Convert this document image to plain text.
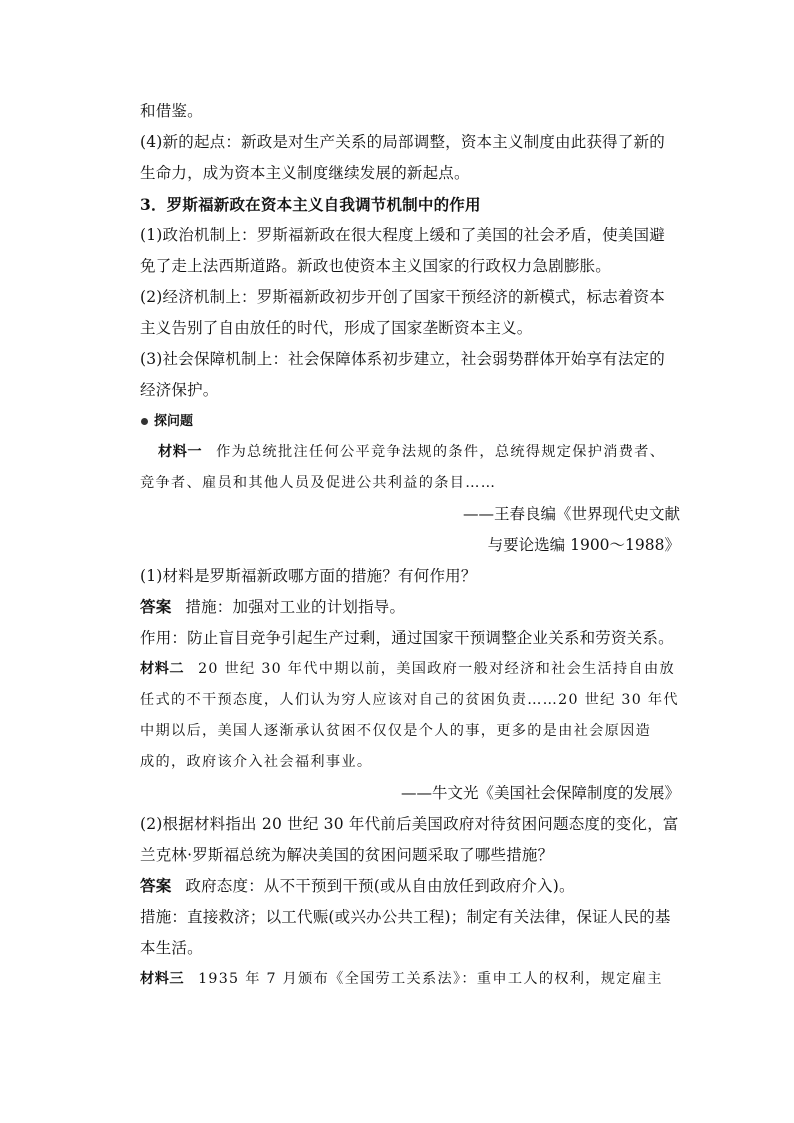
和借鉴。
(4)新的起点：新政是对生产关系的局部调整，资本主义制度由此获得了新的
生命力，成为资本主义制度继续发展的新起点。
3．罗斯福新政在资本主义自我调节机制中的作用
(1)政治机制上：罗斯福新政在很大程度上缓和了美国的社会矛盾，使美国避
免了走上法西斯道路。新政也使资本主义国家的行政权力急剧膨胀。
(2)经济机制上：罗斯福新政初步开创了国家干预经济的新模式，标志着资本
主义告别了自由放任的时代，形成了国家垄断资本主义。
(3)社会保障机制上：社会保障体系初步建立，社会弱势群体开始享有法定的
经济保护。
探问题
材料一 作为总统批注任何公平竞争法规的条件，总统得规定保护消费者、
竞争者、雇员和其他人员及促进公共利益的条目……
——王春良编《世界现代史文献
与要论选编 1900～1988》
(1)材料是罗斯福新政哪方面的措施？有何作用？
答案 措施：加强对工业的计划指导。
作用：防止盲目竞争引起生产过剩，通过国家干预调整企业关系和劳资关系。
材料二 20 世纪 30 年代中期以前，美国政府一般对经济和社会生活持自由放
任式的不干预态度，人们认为穷人应该对自己的贫困负责……20 世纪 30 年代
中期以后，美国人逐渐承认贫困不仅仅是个人的事，更多的是由社会原因造
成的，政府该介入社会福利事业。
——牛文光《美国社会保障制度的发展》
(2)根据材料指出 20 世纪 30 年代前后美国政府对待贫困问题态度的变化，富
兰克林·罗斯福总统为解决美国的贫困问题采取了哪些措施？
答案 政府态度：从不干预到干预(或从自由放任到政府介入)。
措施：直接救济；以工代赈(或兴办公共工程)；制定有关法律，保证人民的基
本生活。
材料三 1935 年 7 月颁布《全国劳工关系法》：重申工人的权利，规定雇主
